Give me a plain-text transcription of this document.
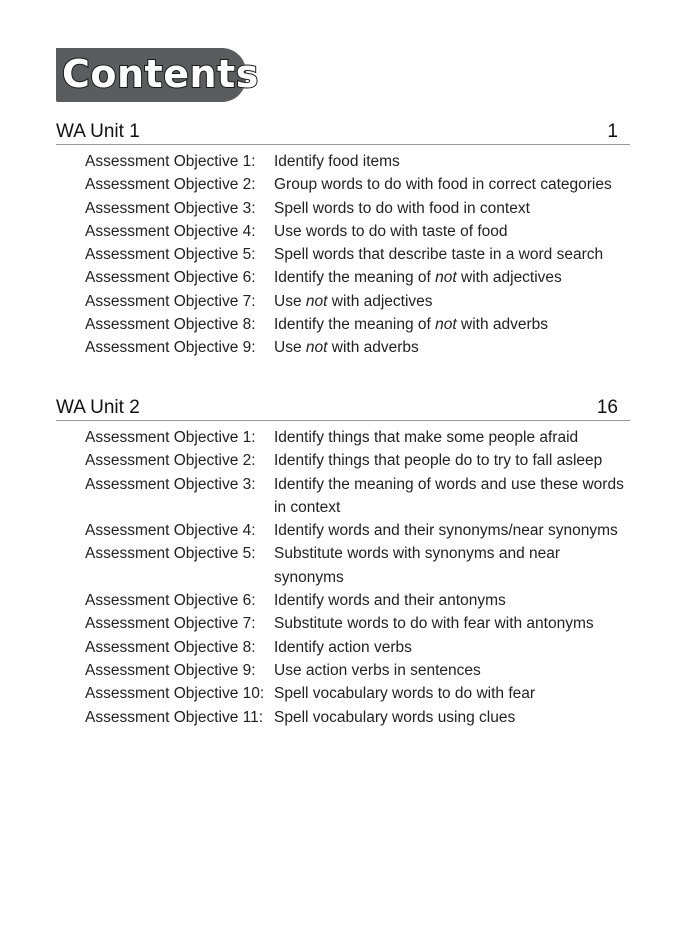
Contents
WA Unit 1	1
Assessment Objective 1:	Identify food items
Assessment Objective 2:	Group words to do with food in correct categories
Assessment Objective 3:	Spell words to do with food in context
Assessment Objective 4:	Use words to do with taste of food
Assessment Objective 5:	Spell words that describe taste in a word search
Assessment Objective 6:	Identify the meaning of not with adjectives
Assessment Objective 7:	Use not with adjectives
Assessment Objective 8:	Identify the meaning of not with adverbs
Assessment Objective 9:	Use not with adverbs
WA Unit 2	16
Assessment Objective 1:	Identify things that make some people afraid
Assessment Objective 2:	Identify things that people do to try to fall asleep
Assessment Objective 3:	Identify the meaning of words and use these words in context
Assessment Objective 4:	Identify words and their synonyms/near synonyms
Assessment Objective 5:	Substitute words with synonyms and near synonyms
Assessment Objective 6:	Identify words and their antonyms
Assessment Objective 7:	Substitute words to do with fear with antonyms
Assessment Objective 8:	Identify action verbs
Assessment Objective 9:	Use action verbs in sentences
Assessment Objective 10: Spell vocabulary words to do with fear
Assessment Objective 11: Spell vocabulary words using clues
